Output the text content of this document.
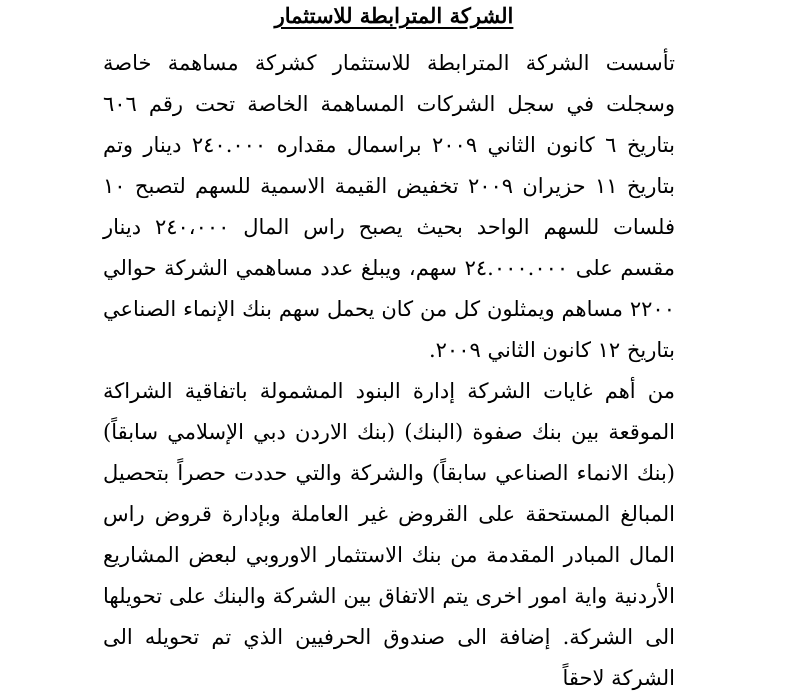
الشركة المترابطة للاستثمار

تأسست الشركة المترابطة للاستثمار كشركة مساهمة خاصة وسجلت في سجل الشركات المساهمة الخاصة تحت رقم ٦٠٦ بتاريخ ٦ كانون الثاني ٢٠٠٩ براسمال مقداره ٢٤٠.٠٠٠ دينار وتم بتاريخ ١١ حزيران ٢٠٠٩ تخفيض القيمة الاسمية للسهم لتصبح ١٠ فلسات للسهم الواحد بحيث يصبح راس المال ٢٤٠،٠٠٠ دينار مقسم على ٢٤.٠٠٠.٠٠٠ سهم، ويبلغ عدد مساهمي الشركة حوالي ٢٢٠٠ مساهم ويمثلون كل من كان يحمل سهم بنك الإنماء الصناعي بتاريخ ١٢ كانون الثاني ٢٠٠٩.

من أهم غايات الشركة إدارة البنود المشمولة باتفاقية الشراكة الموقعة بين بنك صفوة (البنك) (بنك الاردن دبي الإسلامي سابقاً) (بنك الانماء الصناعي سابقاً) والشركة والتي حددت حصراً بتحصيل المبالغ المستحقة على القروض غير العاملة وبإدارة قروض راس المال المبادر المقدمة من بنك الاستثمار الاوروبي لبعض المشاريع الأردنية واية امور اخرى يتم الاتفاق بين الشركة والبنك على تحويلها الى الشركة. إضافة الى صندوق الحرفيين الذي تم تحويله الى الشركة لاحقاً
